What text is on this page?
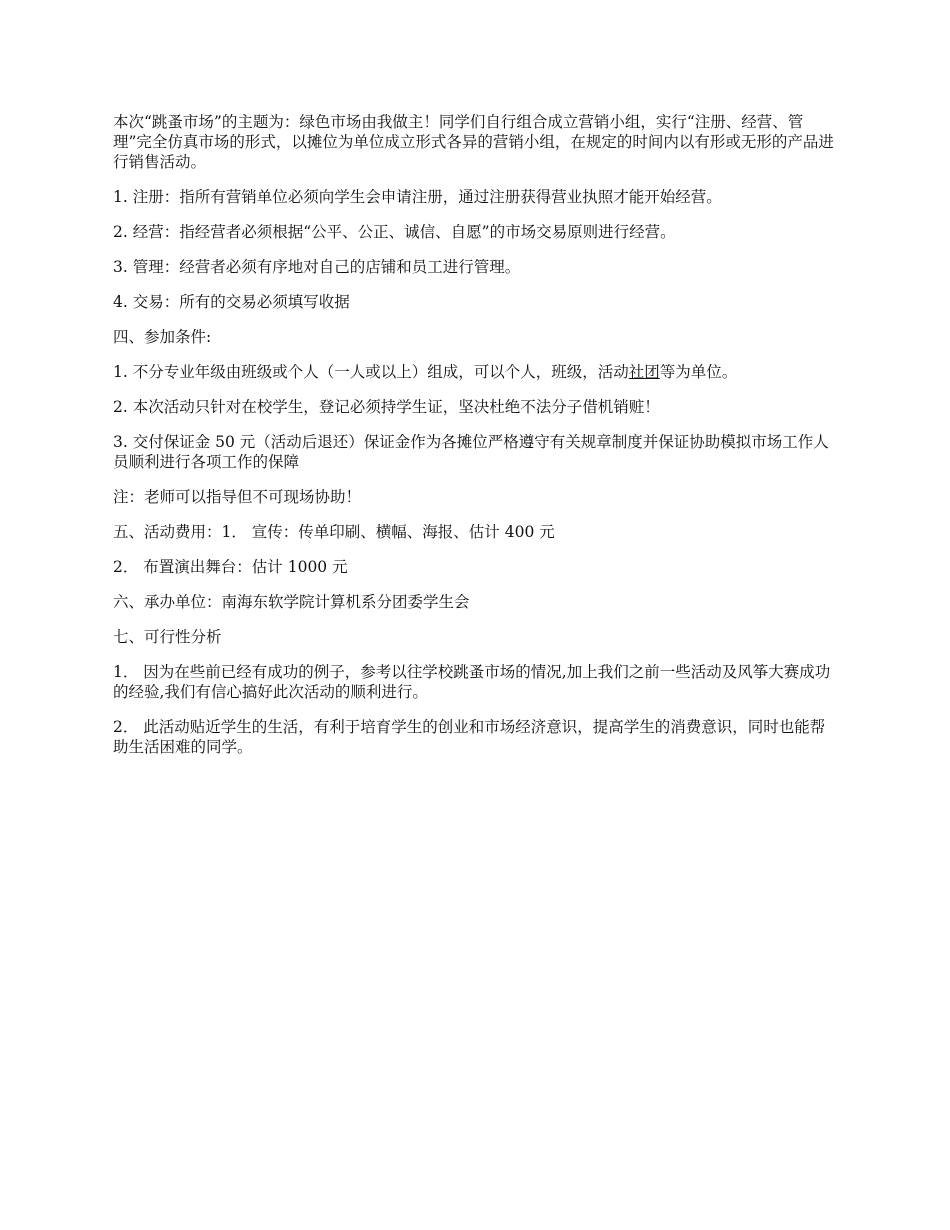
本次“跳蚤市场”的主题为：绿色市场由我做主！同学们自行组合成立营销小组，实行“注册、经营、管理”完全仿真市场的形式，以摊位为单位成立形式各异的营销小组，在规定的时间内以有形或无形的产品进行销售活动。

1. 注册：指所有营销单位必须向学生会申请注册，通过注册获得营业执照才能开始经营。

2. 经营：指经营者必须根据“公平、公正、诚信、自愿”的市场交易原则进行经营。

3. 管理：经营者必须有序地对自己的店铺和员工进行管理。

4. 交易：所有的交易必须填写收据

四、参加条件:

1. 不分专业年级由班级或个人（一人或以上）组成，可以个人，班级，活动社团等为单位。

2. 本次活动只针对在校学生，登记必须持学生证，坚决杜绝不法分子借机销赃！

3. 交付保证金 50 元（活动后退还）保证金作为各摊位严格遵守有关规章制度并保证协助模拟市场工作人员顺利进行各项工作的保障

注：老师可以指导但不可现场协助！

五、活动费用：1． 宣传：传单印刷、横幅、海报、估计 400 元

2． 布置演出舞台：估计 1000 元

六、承办单位：南海东软学院计算机系分团委学生会

七、可行性分析

1． 因为在些前已经有成功的例子，参考以往学校跳蚤市场的情况,加上我们之前一些活动及风筝大赛成功的经验,我们有信心搞好此次活动的顺利进行。

2． 此活动贴近学生的生活，有利于培育学生的创业和市场经济意识，提高学生的消费意识，同时也能帮助生活困难的同学。
